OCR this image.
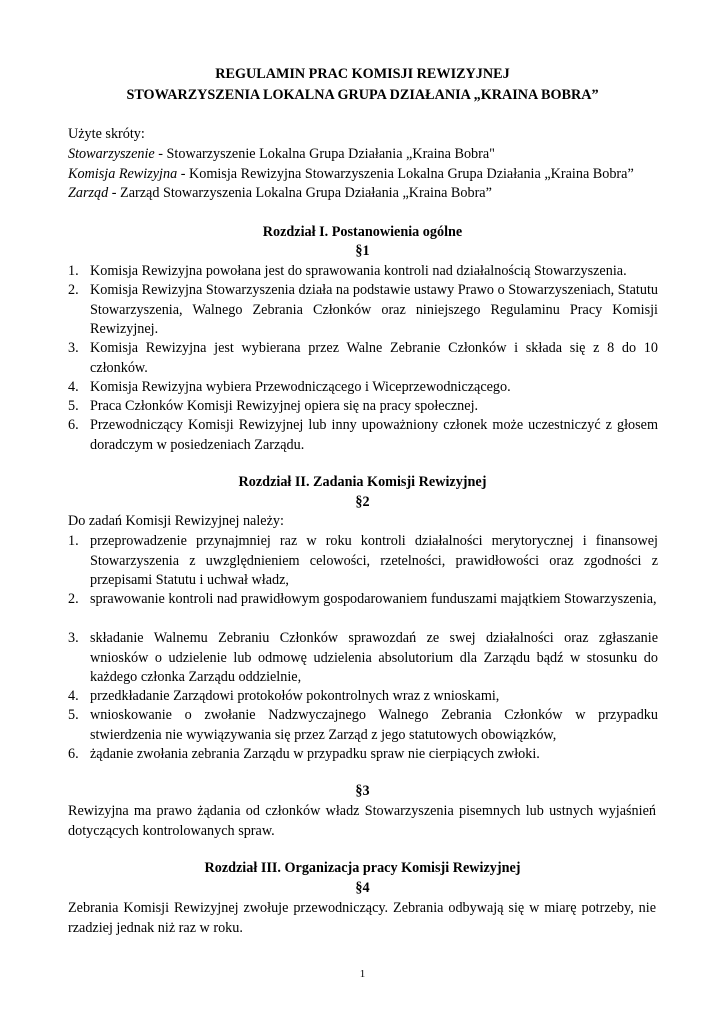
REGULAMIN PRAC KOMISJI REWIZYJNEJ
STOWARZYSZENIA LOKALNA GRUPA DZIAŁANIA „KRAINA BOBRA”
Użyte skróty:
Stowarzyszenie - Stowarzyszenie Lokalna Grupa Działania „Kraina Bobra"
Komisja Rewizyjna - Komisja Rewizyjna Stowarzyszenia Lokalna Grupa Działania „Kraina Bobra”
Zarząd - Zarząd Stowarzyszenia Lokalna Grupa Działania „Kraina Bobra”
Rozdział I. Postanowienia ogólne
§1
1. Komisja Rewizyjna powołana jest do sprawowania kontroli nad działalnością Stowarzyszenia.
2. Komisja Rewizyjna Stowarzyszenia działa na podstawie ustawy Prawo o Stowarzyszeniach, Statutu Stowarzyszenia, Walnego Zebrania Członków oraz niniejszego Regulaminu Pracy Komisji Rewizyjnej.
3. Komisja Rewizyjna jest wybierana przez Walne Zebranie Członków i składa się z 8 do 10 członków.
4. Komisja Rewizyjna wybiera Przewodniczącego i Wiceprzewodniczącego.
5. Praca Członków Komisji Rewizyjnej opiera się na pracy społecznej.
6. Przewodniczący Komisji Rewizyjnej lub inny upoważniony członek może uczestniczyć z głosem doradczym w posiedzeniach Zarządu.
Rozdział II. Zadania Komisji Rewizyjnej
§2
Do zadań Komisji Rewizyjnej należy:
1. przeprowadzenie przynajmniej raz w roku kontroli działalności merytorycznej i finansowej Stowarzyszenia z uwzględnieniem celowości, rzetelności, prawidłowości oraz zgodności z przepisami Statutu i uchwał władz,
2. sprawowanie kontroli nad prawidłowym gospodarowaniem funduszami majątkiem Stowarzyszenia,
3. składanie Walnemu Zebraniu Członków sprawozdań ze swej działalności oraz zgłaszanie wniosków o udzielenie lub odmowę udzielenia absolutorium dla Zarządu bądź w stosunku do każdego członka Zarządu oddzielnie,
4. przedkładanie Zarządowi protokołów pokontrolnych wraz z wnioskami,
5. wnioskowanie o zwołanie Nadzwyczajnego Walnego Zebrania Członków w przypadku stwierdzenia nie wywiązywania się przez Zarząd z jego statutowych obowiązków,
6. żądanie zwołania zebrania Zarządu w przypadku spraw nie cierpiących zwłoki.
§3
Rewizyjna ma prawo żądania od członków władz Stowarzyszenia pisemnych lub ustnych wyjaśnień dotyczących kontrolowanych spraw.
Rozdział III. Organizacja pracy Komisji Rewizyjnej
§4
Zebrania Komisji Rewizyjnej zwołuje przewodniczący. Zebrania odbywają się w miarę potrzeby, nie rzadziej jednak niż raz w roku.
1
